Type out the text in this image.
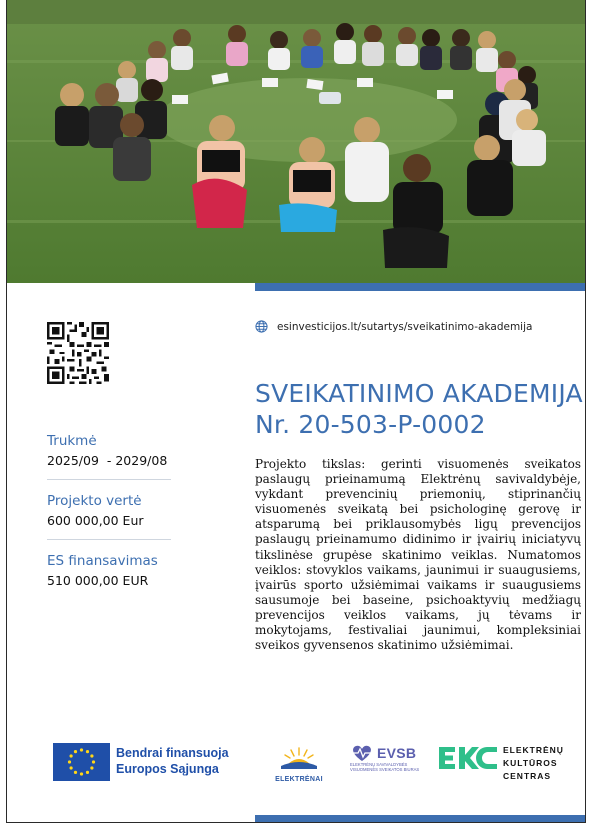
Trukmė
2025/09  - 2029/08
Projekto vertė
600 000,00 Eur
ES finansavimas
510 000,00 EUR
esinvesticijos.lt/sutartys/sveikatinimo-akademija
SVEIKATINIMO AKADEMIJA
Nr. 20-503-P-0002
Projekto tikslas: gerinti visuomenės sveikatos paslaugų prieinamumą Elektrėnų savivaldybėje, vykdant prevencinių priemonių, stiprinančių visuomenės sveikatą bei psichologinę gerovę ir atsparumą bei priklausomybės ligų prevencijos paslaugų prieinamumo didinimo ir įvairių iniciatyvų tikslinėse grupėse skatinimo veiklas. Numatomos veiklos: stovyklos vaikams, jaunimui ir suaugusiems, įvairūs sporto užsiėmimai vaikams ir suaugusiems sausumoje bei baseine, psichoaktyvių medžiagų prevencijos veiklos vaikams, jų tėvams ir mokytojams, festivaliai jaunimui, kompleksiniai sveikos gyvensenos skatinimo užsiėmimai.
Bendrai finansuoja
Europos Sąjunga
ELEKTRĖNAI
EVSB
ELEKTRĖNŲ SAVIVALDYBĖS
VISUOMENĖS SVEIKATOS BIURAS
ELEKTRĖNŲ
KULTŪROS
CENTRAS
